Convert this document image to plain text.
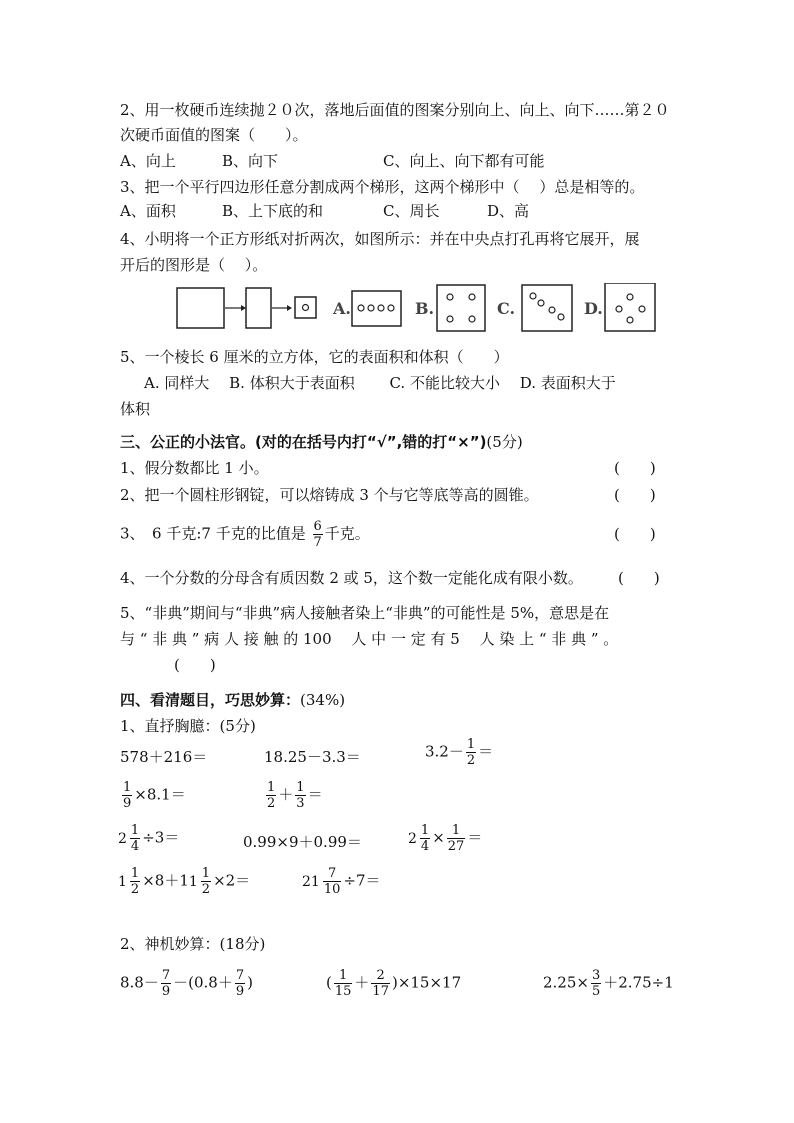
2、用一枚硬币连续抛２０次，落地后面值的图案分别向上、向上、向下……第２０
次硬币面值的图案（　　）。
A、向上	B、向下	C、向上、向下都有可能
3、把一个平行四边形任意分割成两个梯形，这两个梯形中（　 ）总是相等的。
A、面积	B、上下底的和	C、周长	D、高
4、小明将一个正方形纸对折两次，如图所示：并在中央点打孔再将它展开，展
开后的图形是（　 ）。
A.	B.	C.	D.
5、一个棱长 6 厘米的立方体，它的表面积和体积（　　）
A. 同样大　 B. 体积大于表面积　　 C. 不能比较大小　 D. 表面积大于
体积
三、公正的小法官。(对的在括号内打“√”,错的打“×”)(5分)
1、假分数都比 1 小。	(　　)
2、把一个圆柱形钢锭，可以熔铸成 3 个与它等底等高的圆锥。	(　　)
3、　6 千克:7 千克的比值是 $\frac{6}{7}$ 千克。	(　　)
4、一个分数的分母含有质因数 2 或 5，这个数一定能化成有限小数。 (　　)
5、“非典”期间与“非典”病人接触者染上“非典”的可能性是 5%，意思是在
与 “ 非 典 ” 病 人 接 触 的 100　 人 中 一 定 有 5　 人 染 上 “ 非 典 ” 。
(　　)
四、看清题目，巧思妙算：(34%)
1、直抒胸臆：(5分)
578＋216＝	18.25－3.3＝	$3.2- \frac{1}{2}$ ＝
$\frac{1}{9} \times 8.1=$	$\frac{1}{2} + \frac{1}{3}$ ＝
$2 \frac{1}{4} \div 3=$	0.99×9＋0.99＝	$2 \frac{1}{4} \times \frac{1}{27}$ ＝
$1 \frac{1}{2} \times 8+1$ $1 \frac{1}{2} \times 2=$	$21 \frac{7}{10} \div 7=$
2、神机妙算：(18分)
$8.8- \frac{7}{9} -(0.8+ \frac{7}{9}$ )	( $\frac{1}{15} + \frac{2}{17} )\times 15\times 17$	$2.25\times \frac{3}{5} +2.75\div 1$
